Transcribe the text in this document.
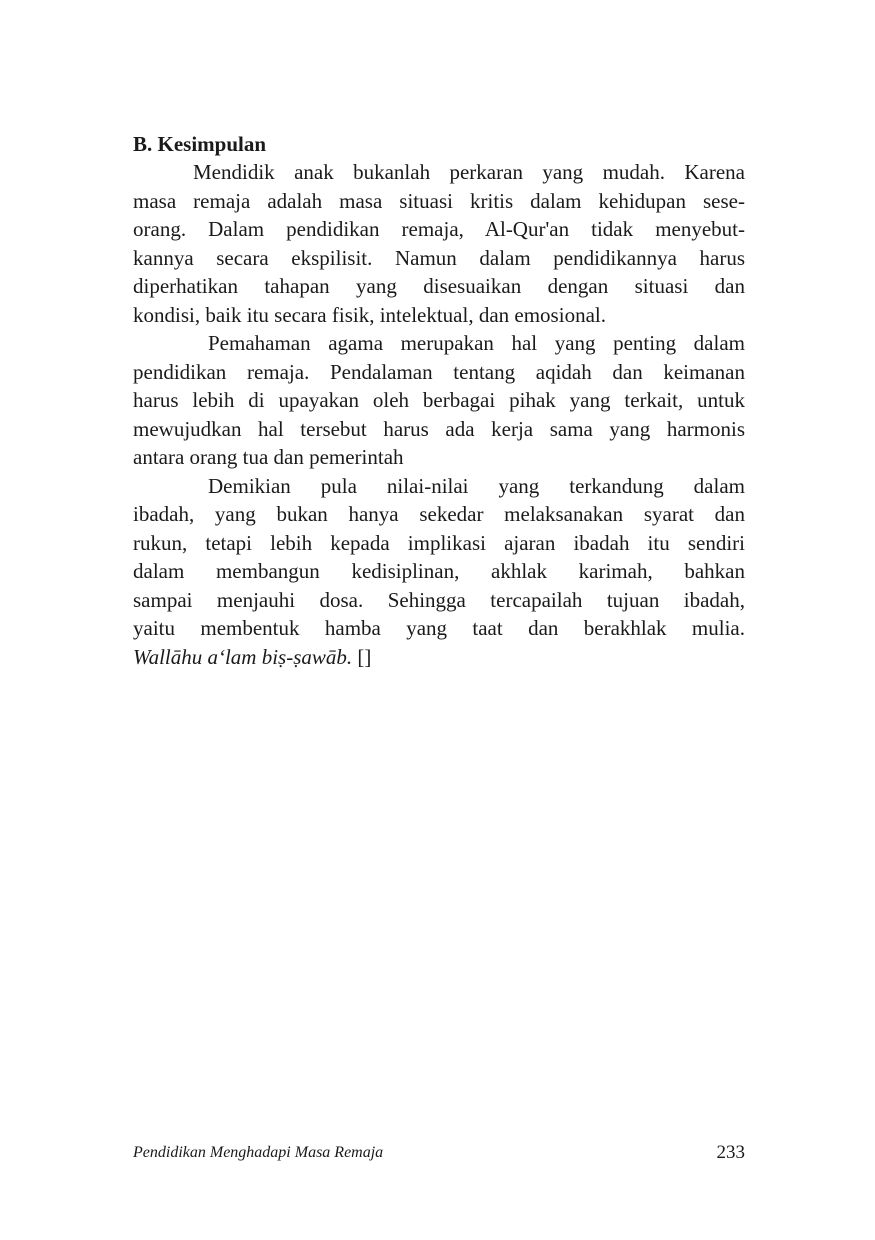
B. Kesimpulan

Mendidik anak bukanlah perkaran yang mudah. Karena
masa remaja adalah masa situasi kritis dalam kehidupan sese-
orang. Dalam pendidikan remaja, Al-Qur'an tidak menyebut-
kannya secara ekspilisit. Namun dalam pendidikannya harus
diperhatikan tahapan yang disesuaikan dengan situasi dan
kondisi, baik itu secara fisik, intelektual, dan emosional.

Pemahaman agama merupakan hal yang penting dalam
pendidikan remaja. Pendalaman tentang aqidah dan keimanan
harus lebih di upayakan oleh berbagai pihak yang terkait, untuk
mewujudkan hal tersebut harus ada kerja sama yang harmonis
antara orang tua dan pemerintah

Demikian pula nilai-nilai yang terkandung dalam
ibadah, yang bukan hanya sekedar melaksanakan syarat dan
rukun, tetapi lebih kepada implikasi ajaran ibadah itu sendiri
dalam membangun kedisiplinan, akhlak karimah, bahkan
sampai menjauhi dosa. Sehingga tercapailah tujuan ibadah,
yaitu membentuk hamba yang taat dan berakhlak mulia.
Wallāhu a‘lam biṣ-ṣawāb. []

Pendidikan Menghadapi Masa Remaja	233
